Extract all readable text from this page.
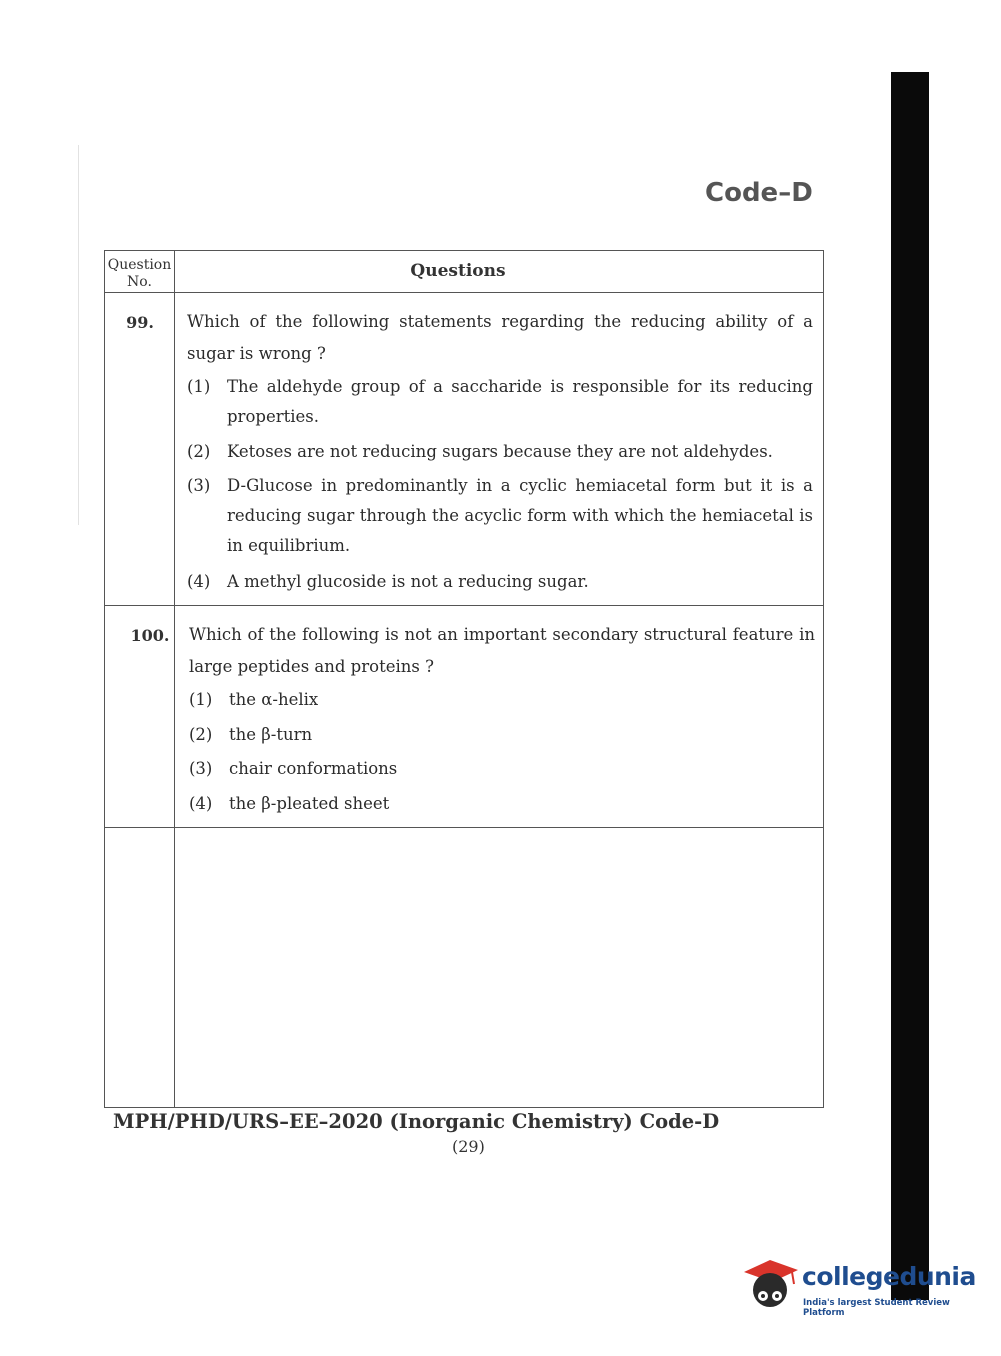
Code–D
Question No.
Questions
99.	Which of the following statements regarding the reducing ability of a sugar is wrong ?
(1) The aldehyde group of a saccharide is responsible for its reducing properties.
(2) Ketoses are not reducing sugars because they are not aldehydes.
(3) D-Glucose in predominantly in a cyclic hemiacetal form but it is a reducing sugar through the acyclic form with which the hemiacetal is in equilibrium.
(4) A methyl glucoside is not a reducing sugar.
100.	Which of the following is not an important secondary structural feature in large peptides and proteins ?
(1) the α-helix
(2) the β-turn
(3) chair conformations
(4) the β-pleated sheet
MPH/PHD/URS–EE–2020 (Inorganic Chemistry) Code-D
(29)
collegedunia
India's largest Student Review Platform
